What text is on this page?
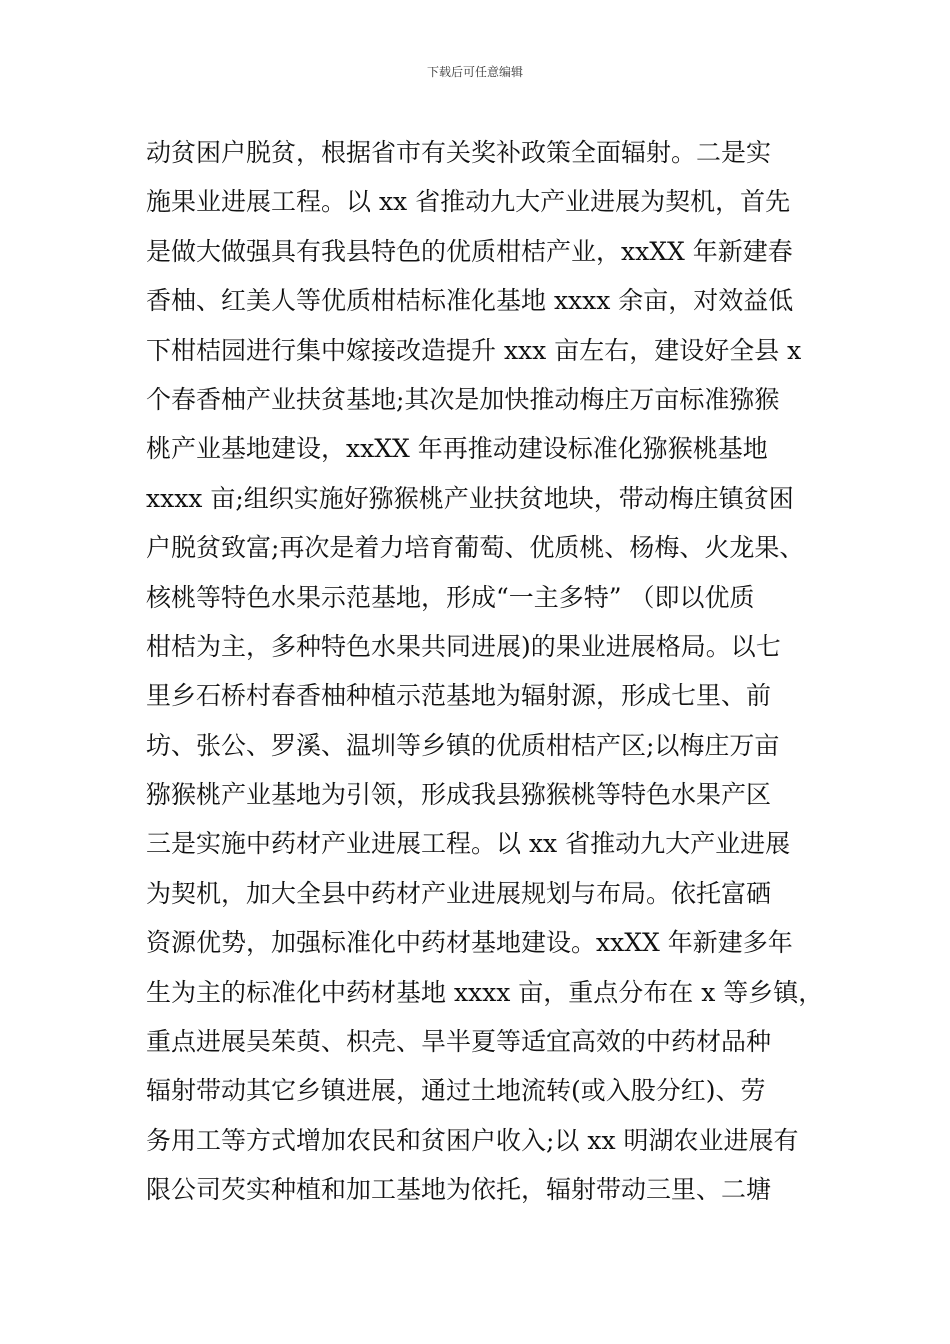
下载后可任意编辑
动贫困户脱贫，根据省市有关奖补政策全面辐射。二是实
施果业进展工程。以 xx 省推动九大产业进展为契机，首先
是做大做强具有我县特色的优质柑桔产业，xxXX 年新建春
香柚、红美人等优质柑桔标准化基地 xxxx 余亩，对效益低
下柑桔园进行集中嫁接改造提升 xxx 亩左右，建设好全县 x
个春香柚产业扶贫基地;其次是加快推动梅庄万亩标准猕猴
桃产业基地建设，xxXX 年再推动建设标准化猕猴桃基地
xxxx 亩;组织实施好猕猴桃产业扶贫地块，带动梅庄镇贫困
户脱贫致富;再次是着力培育葡萄、优质桃、杨梅、火龙果、
核桃等特色水果示范基地，形成“一主多特” （即以优质
柑桔为主，多种特色水果共同进展)的果业进展格局。以七
里乡石桥村春香柚种植示范基地为辐射源，形成七里、前
坊、张公、罗溪、温圳等乡镇的优质柑桔产区;以梅庄万亩
猕猴桃产业基地为引领，形成我县猕猴桃等特色水果产区
三是实施中药材产业进展工程。以 xx 省推动九大产业进展
为契机，加大全县中药材产业进展规划与布局。依托富硒
资源优势，加强标准化中药材基地建设。xxXX 年新建多年
生为主的标准化中药材基地 xxxx 亩，重点分布在 x 等乡镇，
重点进展吴茱萸、枳壳、旱半夏等适宜高效的中药材品种
辐射带动其它乡镇进展，通过土地流转(或入股分红)、劳
务用工等方式增加农民和贫困户收入;以 xx 明湖农业进展有
限公司芡实种植和加工基地为依托，辐射带动三里、二塘
